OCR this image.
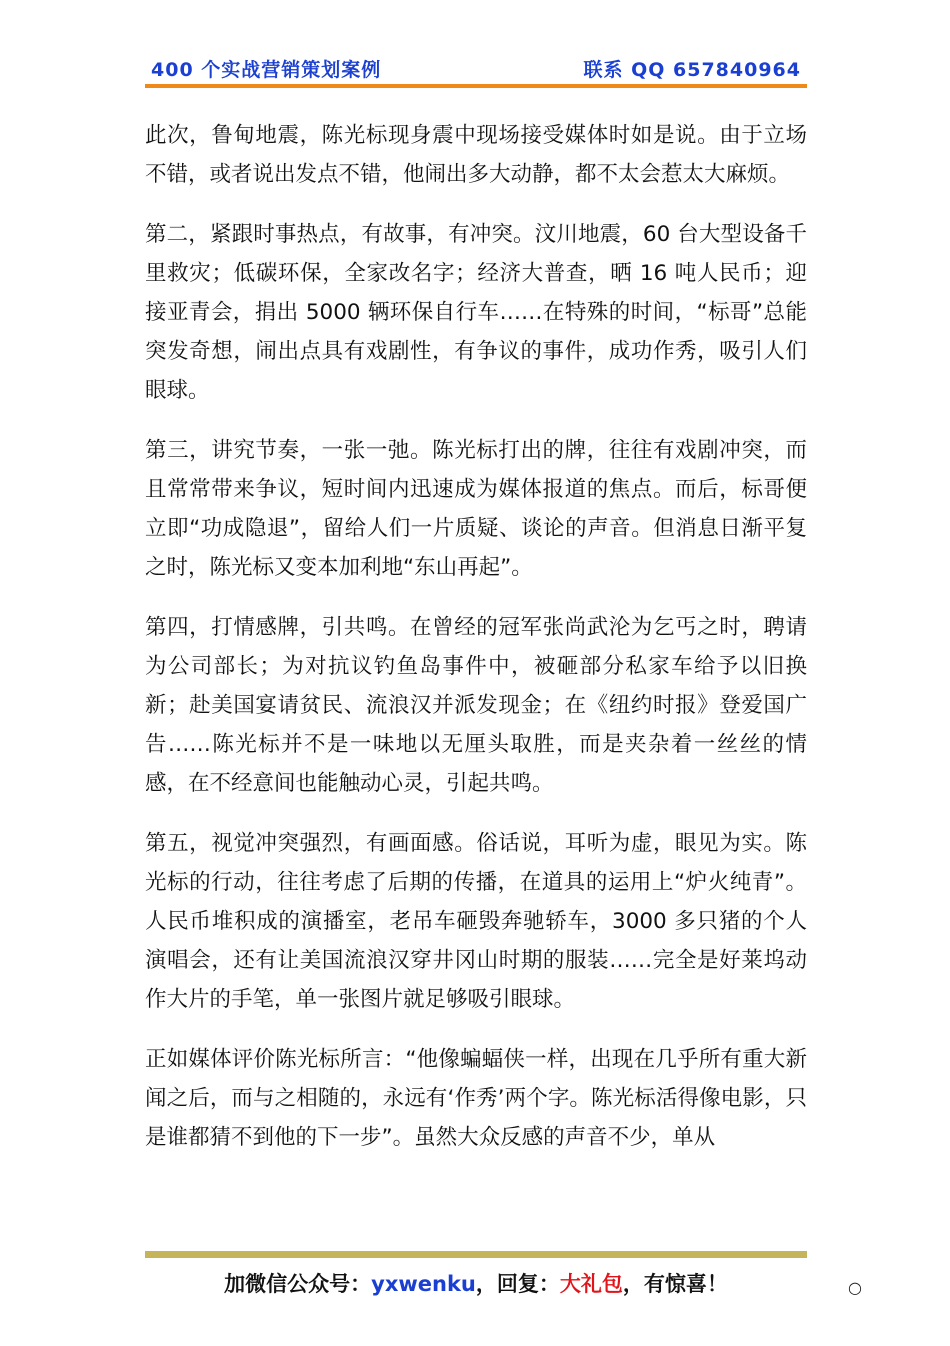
400 个实战营销策划案例	联系 QQ 657840964

此次，鲁甸地震，陈光标现身震中现场接受媒体时如是说。由于立场不错，或者说出发点不错，他闹出多大动静，都不太会惹太大麻烦。

第二，紧跟时事热点，有故事，有冲突。汶川地震，60 台大型设备千里救灾；低碳环保，全家改名字；经济大普查，晒 16 吨人民币；迎接亚青会，捐出 5000 辆环保自行车……在特殊的时间，“标哥”总能突发奇想，闹出点具有戏剧性，有争议的事件，成功作秀，吸引人们眼球。

第三，讲究节奏，一张一弛。陈光标打出的牌，往往有戏剧冲突，而且常常带来争议，短时间内迅速成为媒体报道的焦点。而后，标哥便立即“功成隐退”，留给人们一片质疑、谈论的声音。但消息日渐平复之时，陈光标又变本加利地“东山再起”。

第四，打情感牌，引共鸣。在曾经的冠军张尚武沦为乞丐之时，聘请为公司部长；为对抗议钓鱼岛事件中，被砸部分私家车给予以旧换新；赴美国宴请贫民、流浪汉并派发现金；在《纽约时报》登爱国广告……陈光标并不是一味地以无厘头取胜，而是夹杂着一丝丝的情感，在不经意间也能触动心灵，引起共鸣。

第五，视觉冲突强烈，有画面感。俗话说，耳听为虚，眼见为实。陈光标的行动，往往考虑了后期的传播，在道具的运用上“炉火纯青”。人民币堆积成的演播室，老吊车砸毁奔驰轿车，3000 多只猪的个人演唱会，还有让美国流浪汉穿井冈山时期的服装……完全是好莱坞动作大片的手笔，单一张图片就足够吸引眼球。

正如媒体评价陈光标所言：“他像蝙蝠侠一样，出现在几乎所有重大新闻之后，而与之相随的，永远有‘作秀’两个字。陈光标活得像电影，只是谁都猜不到他的下一步”。虽然大众反感的声音不少，单从

加微信公众号：yxwenku，回复：大礼包，有惊喜！	○
